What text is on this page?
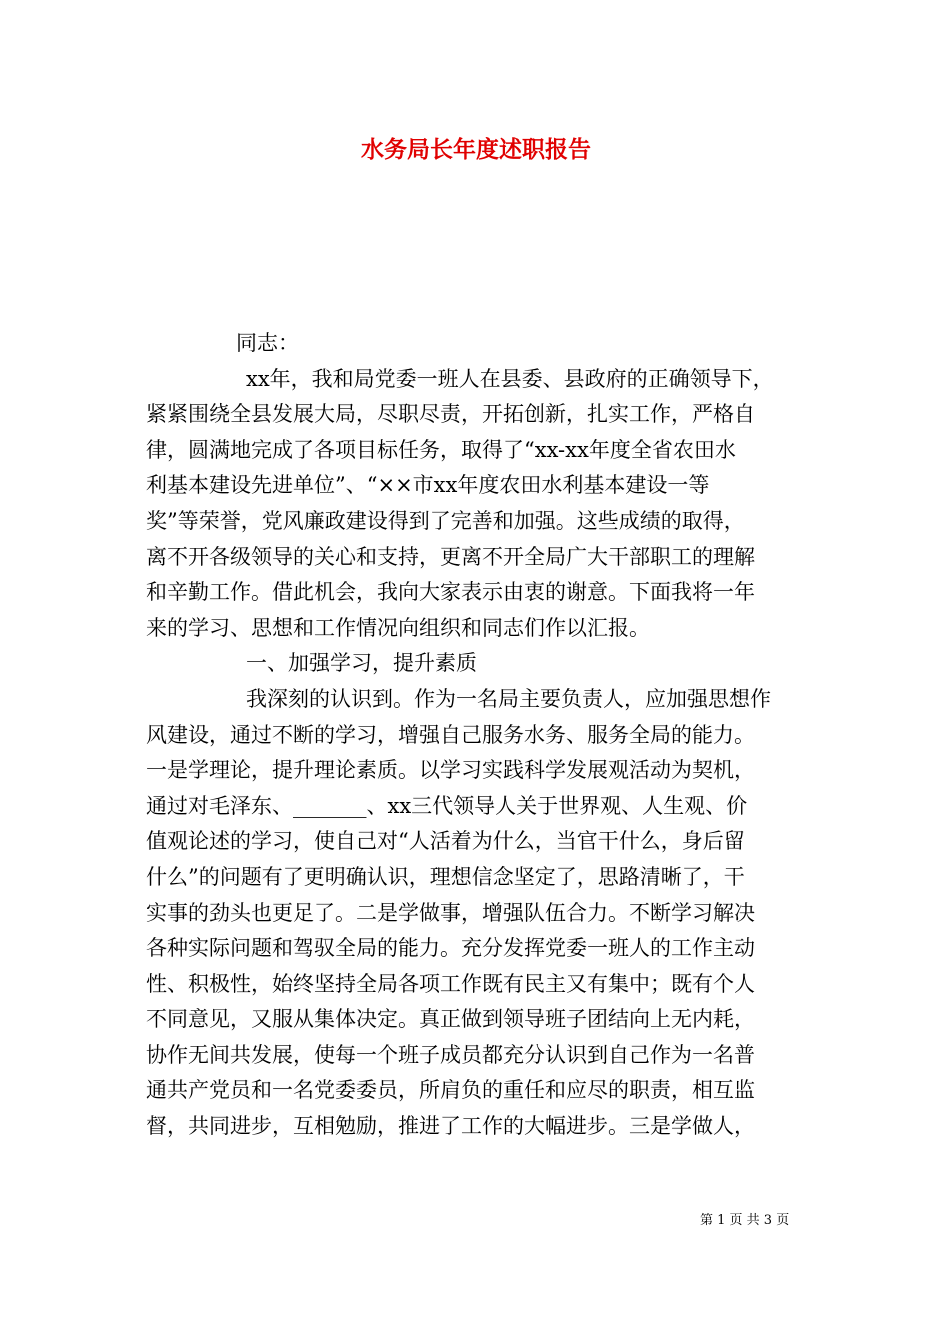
水务局长年度述职报告
同志：
xx年，我和局党委一班人在县委、县政府的正确领导下，
紧紧围绕全县发展大局，尽职尽责，开拓创新，扎实工作，严格自
律，圆满地完成了各项目标任务，取得了“xx-xx年度全省农田水
利基本建设先进单位”、“××市xx年度农田水利基本建设一等
奖”等荣誉，党风廉政建设得到了完善和加强。这些成绩的取得，
离不开各级领导的关心和支持，更离不开全局广大干部职工的理解
和辛勤工作。借此机会，我向大家表示由衷的谢意。下面我将一年
来的学习、思想和工作情况向组织和同志们作以汇报。
一、加强学习，提升素质
我深刻的认识到。作为一名局主要负责人，应加强思想作
风建设，通过不断的学习，增强自己服务水务、服务全局的能力。
一是学理论，提升理论素质。以学习实践科学发展观活动为契机，
通过对毛泽东、_______、xx三代领导人关于世界观、人生观、价
值观论述的学习，使自己对“人活着为什么，当官干什么，身后留
什么”的问题有了更明确认识，理想信念坚定了，思路清晰了，干
实事的劲头也更足了。二是学做事，增强队伍合力。不断学习解决
各种实际问题和驾驭全局的能力。充分发挥党委一班人的工作主动
性、积极性，始终坚持全局各项工作既有民主又有集中；既有个人
不同意见，又服从集体决定。真正做到领导班子团结向上无内耗，
协作无间共发展，使每一个班子成员都充分认识到自己作为一名普
通共产党员和一名党委委员，所肩负的重任和应尽的职责，相互监
督，共同进步，互相勉励，推进了工作的大幅进步。三是学做人，
第 1 页 共 3 页
